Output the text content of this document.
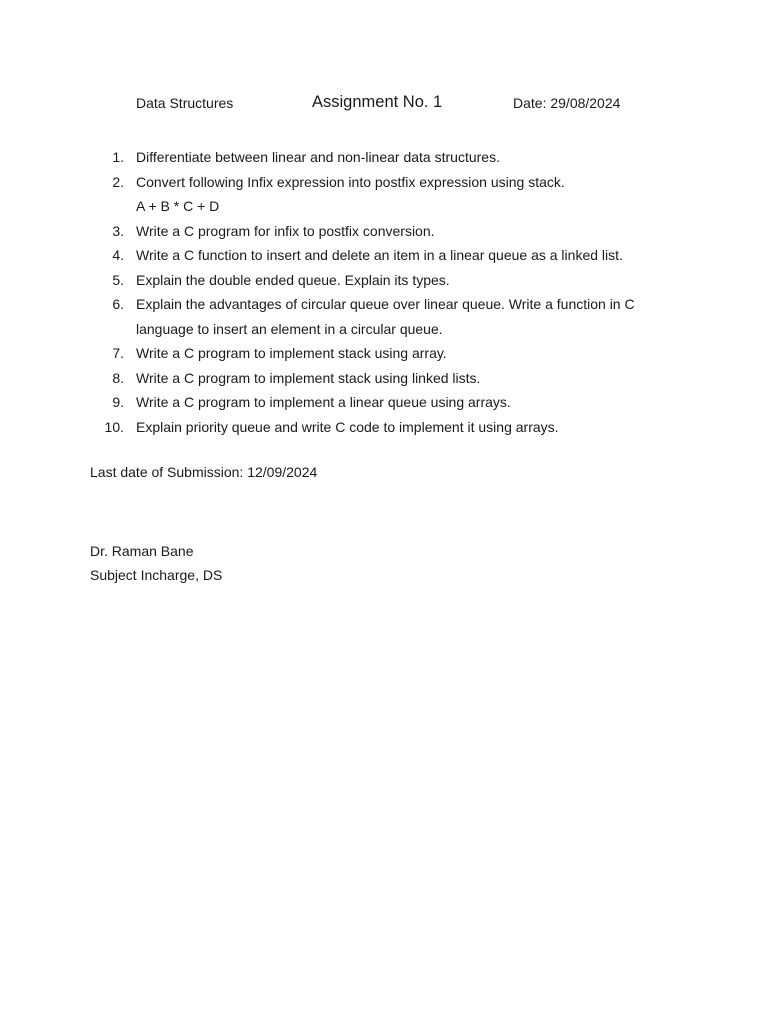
Data Structures	Assignment No. 1	Date: 29/08/2024
1. Differentiate between linear and non-linear data structures.
2. Convert following Infix expression into postfix expression using stack.
A + B * C + D
3. Write a C program for infix to postfix conversion.
4. Write a C function to insert and delete an item in a linear queue as a linked list.
5. Explain the double ended queue. Explain its types.
6. Explain the advantages of circular queue over linear queue. Write a function in C language to insert an element in a circular queue.
7. Write a C program to implement stack using array.
8. Write a C program to implement stack using linked lists.
9. Write a C program to implement a linear queue using arrays.
10. Explain priority queue and write C code to implement it using arrays.
Last date of Submission: 12/09/2024
Dr. Raman Bane
Subject Incharge, DS
